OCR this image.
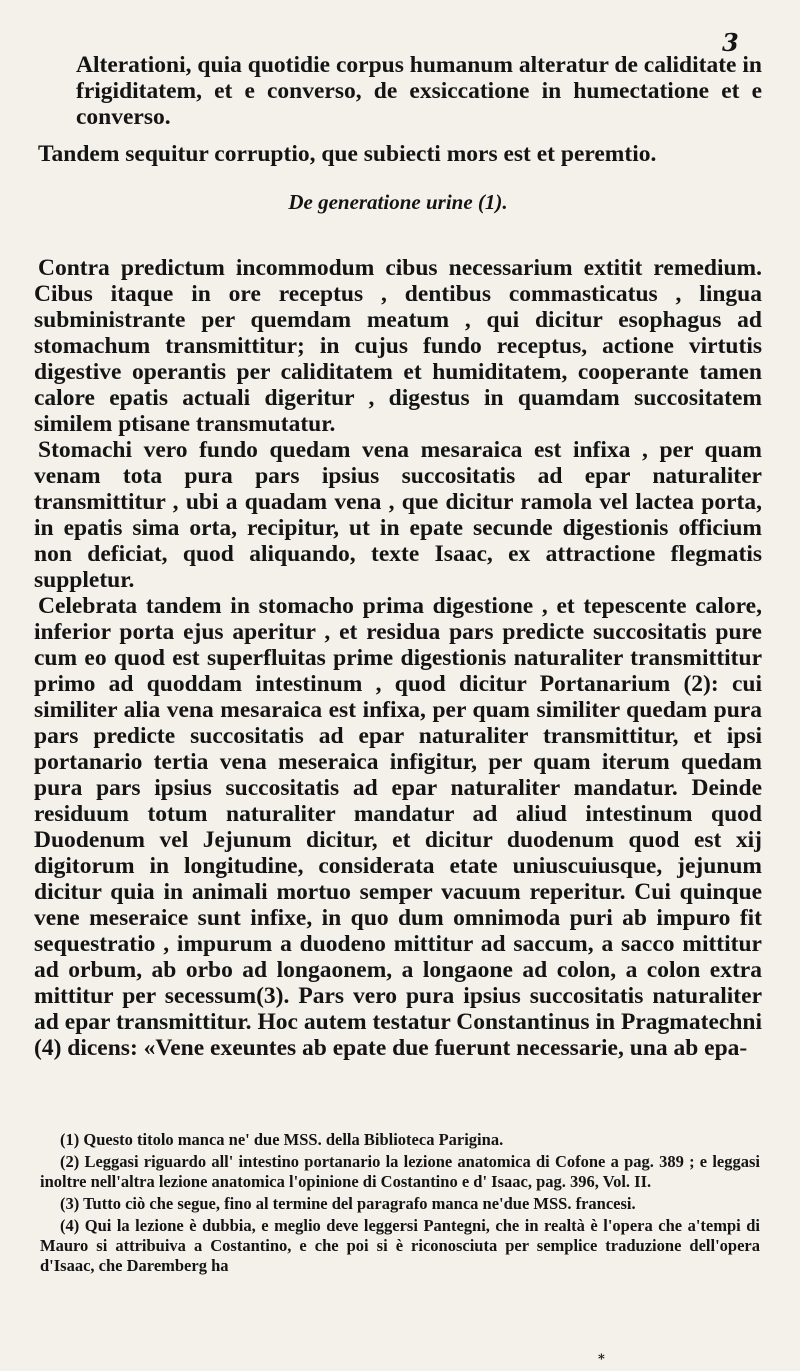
3

Alterationi, quia quotidie corpus humanum alteratur de caliditate in frigiditatem, et e converso, de exsiccatione in humectatione et e converso.

Tandem sequitur corruptio, que subiecti mors est et peremtio.

De generatione urine (1).

Contra predictum incommodum cibus necessarium extitit remedium. Cibus itaque in ore receptus , dentibus commasticatus , lingua subministrante per quemdam meatum , qui dicitur esophagus ad stomachum transmittitur; in cujus fundo receptus, actione virtutis digestive operantis per caliditatem et humiditatem, cooperante tamen calore epatis actuali digeritur , digestus in quamdam succositatem similem ptisane transmutatur.

Stomachi vero fundo quedam vena mesaraica est infixa , per quam venam tota pura pars ipsius succositatis ad epar naturaliter transmittitur , ubi a quadam vena , que dicitur ramola vel lactea porta, in epatis sima orta, recipitur, ut in epate secunde digestionis officium non deficiat, quod aliquando, texte Isaac, ex attractione flegmatis suppletur.

Celebrata tandem in stomacho prima digestione , et tepescente calore, inferior porta ejus aperitur , et residua pars predicte succositatis pure cum eo quod est superfluitas prime digestionis naturaliter transmittitur primo ad quoddam intestinum , quod dicitur Portanarium (2): cui similiter alia vena mesaraica est infixa, per quam similiter quedam pura pars predicte succositatis ad epar naturaliter transmittitur, et ipsi portanario tertia vena meseraica infigitur, per quam iterum quedam pura pars ipsius succositatis ad epar naturaliter mandatur. Deinde residuum totum naturaliter mandatur ad aliud intestinum quod Duodenum vel Jejunum dicitur, et dicitur duodenum quod est xij digitorum in longitudine, considerata etate uniuscuiusque, jejunum dicitur quia in animali mortuo semper vacuum reperitur. Cui quinque vene meseraice sunt infixe, in quo dum omnimoda puri ab impuro fit sequestratio , impurum a duodeno mittitur ad saccum, a sacco mittitur ad orbum, ab orbo ad longaonem, a longaone ad colon, a colon extra mittitur per secessum(3). Pars vero pura ipsius succositatis naturaliter ad epar transmittitur. Hoc autem testatur Constantinus in Pragmatechni (4) dicens: «Vene exeuntes ab epate due fuerunt necessarie, una ab epa-

(1) Questo titolo manca ne' due MSS. della Biblioteca Parigina.

(2) Leggasi riguardo all' intestino portanario la lezione anatomica di Cofone a pag. 389 ; e leggasi inoltre nell'altra lezione anatomica l'opinione di Costantino e d' Isaac, pag. 396, Vol. II.

(3) Tutto ciò che segue, fino al termine del paragrafo manca ne'due MSS. francesi.

(4) Qui la lezione è dubbia, e meglio deve leggersi Pantegni, che in realtà è l'opera che a'tempi di Mauro si attribuiva a Costantino, e che poi si è riconosciuta per semplice traduzione dell'opera d'Isaac, che Daremberg ha

*
